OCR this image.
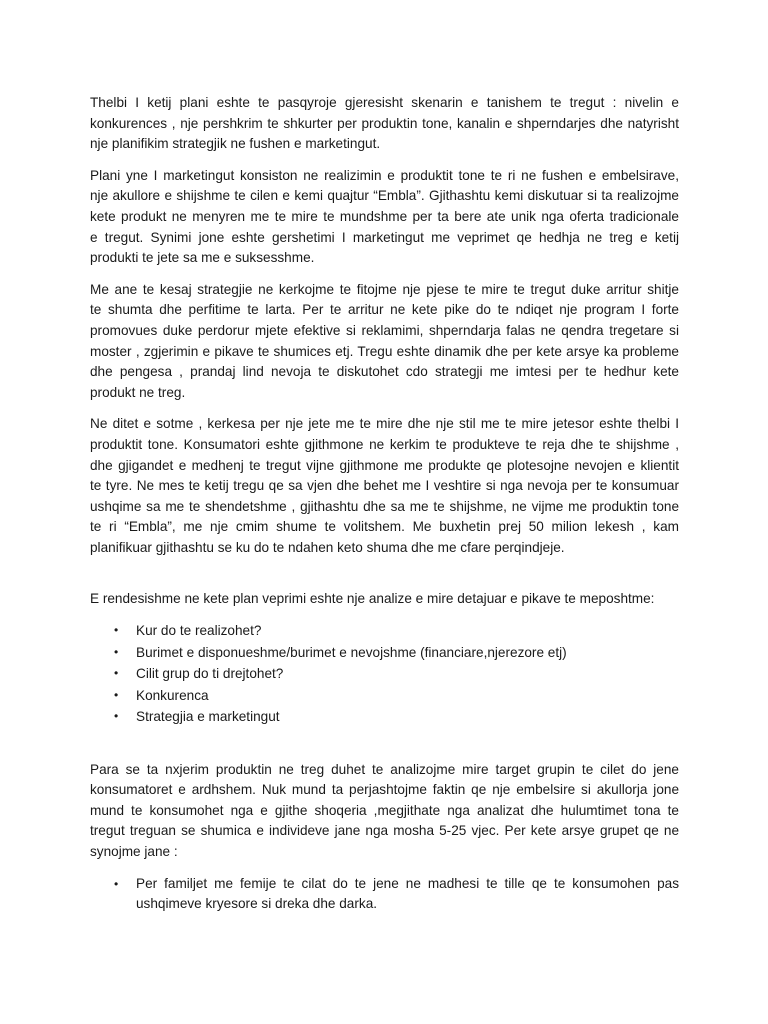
Thelbi I ketij plani eshte te pasqyroje gjeresisht skenarin e tanishem te tregut : nivelin e
konkurences , nje pershkrim te shkurter per produktin tone, kanalin e shperndarjes dhe natyrisht
nje planifikim strategjik ne fushen e marketingut.

Plani yne I marketingut konsiston ne realizimin e produktit tone te ri ne fushen e embelsirave,
nje akullore e shijshme te cilen e kemi quajtur “Embla”. Gjithashtu kemi diskutuar si ta realizojme
kete produkt ne menyren me te mire te mundshme per ta bere ate unik nga oferta tradicionale
e tregut. Synimi jone eshte gershetimi I marketingut me veprimet qe hedhja ne treg e ketij
produkti te jete sa me e suksesshme.

Me ane te kesaj strategjie ne kerkojme te fitojme nje pjese te mire te tregut duke arritur shitje
te shumta dhe perfitime te larta. Per te arritur ne kete pike do te ndiqet nje program I forte
promovues duke perdorur mjete efektive si reklamimi, shperndarja falas ne qendra tregetare si
moster , zgjerimin e pikave te shumices etj. Tregu eshte dinamik dhe per kete arsye ka probleme
dhe pengesa , prandaj lind nevoja te diskutohet cdo strategji me imtesi per te hedhur kete
produkt ne treg.

Ne ditet e sotme , kerkesa per nje jete me te mire dhe nje stil me te mire jetesor eshte thelbi I
produktit tone. Konsumatori eshte gjithmone ne kerkim te produkteve te reja dhe te shijshme ,
dhe gjigandet e medhenj te tregut vijne gjithmone me produkte qe plotesojne nevojen e klientit
te tyre. Ne mes te ketij tregu qe sa vjen dhe behet me I veshtire si nga nevoja per te konsumuar
ushqime sa me te shendetshme , gjithashtu dhe sa me te shijshme, ne vijme me produktin tone
te ri “Embla”, me nje cmim shume te volitshem. Me buxhetin prej 50 milion lekesh , kam
planifikuar gjithashtu se ku do te ndahen keto shuma dhe me cfare perqindjeje.

E rendesishme ne kete plan veprimi eshte nje analize e mire detajuar e pikave te meposhtme:

• Kur do te realizohet?
• Burimet e disponueshme/burimet e nevojshme (financiare,njerezore etj)
• Cilit grup do ti drejtohet?
• Konkurenca
• Strategjia e marketingut

Para se ta nxjerim produktin ne treg duhet te analizojme mire target grupin te cilet do jene
konsumatoret e ardhshem. Nuk mund ta perjashtojme faktin qe nje embelsire si akullorja jone
mund te konsumohet nga e gjithe shoqeria ,megjithate nga analizat dhe hulumtimet tona te
tregut treguan se shumica e individeve jane nga mosha 5-25 vjec. Per kete arsye grupet qe ne
synojme jane :

• Per familjet me femije te cilat do te jene ne madhesi te tille qe te konsumohen pas
ushqimeve kryesore si dreka dhe darka.
